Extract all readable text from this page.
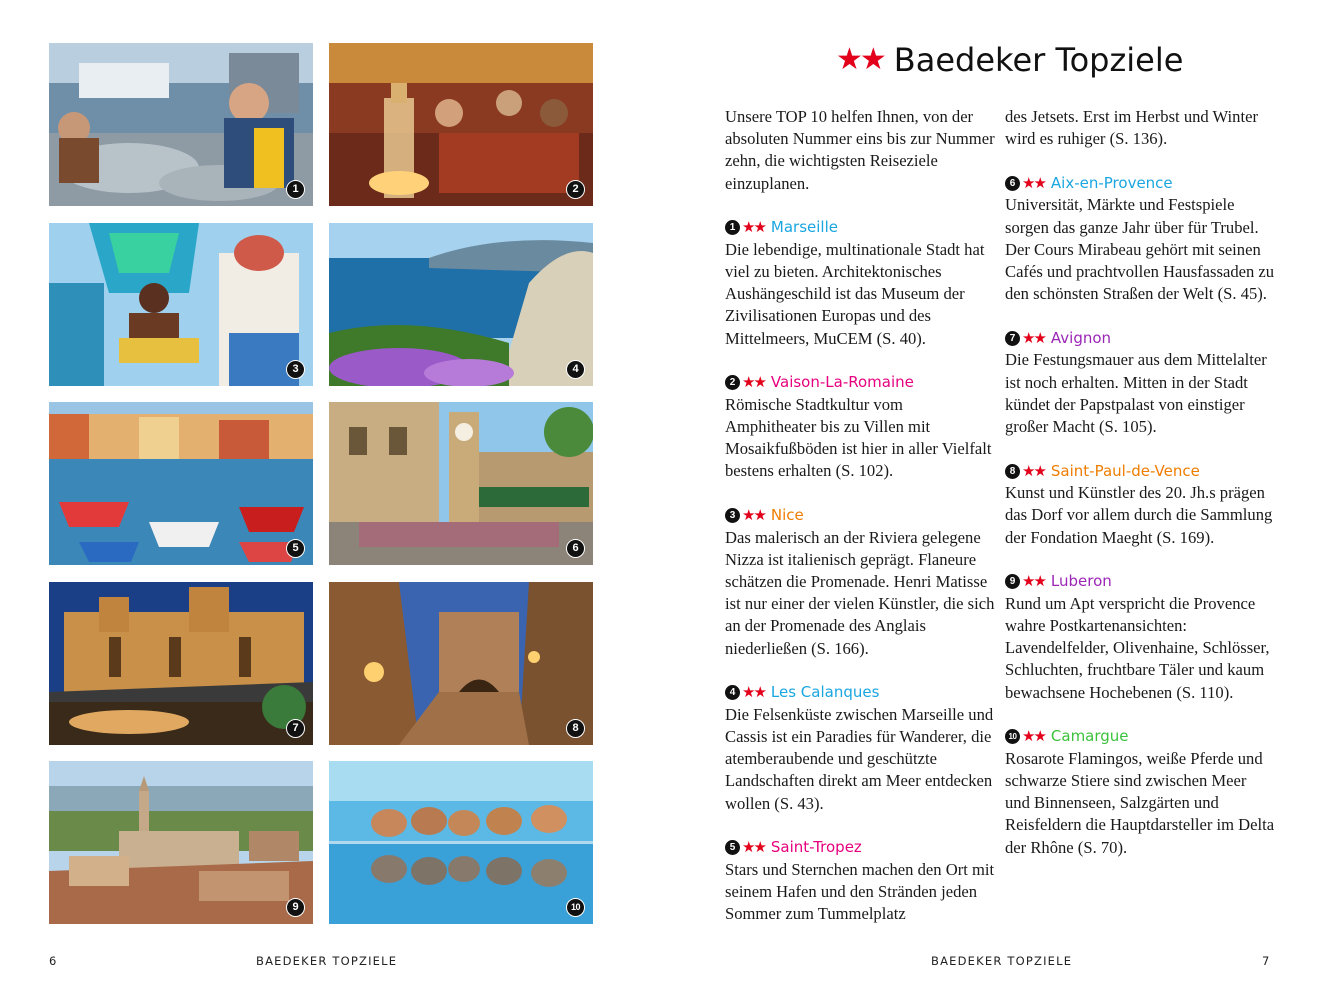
1	2
3	4
5	6
7	8
9	10
★★ Baedeker Topziele

Unsere TOP 10 helfen Ihnen, von der absoluten Nummer eins bis zur Nummer zehn, die wichtigsten Reiseziele einzuplanen.

1 ★★ Marseille

Die lebendige, multinationale Stadt hat viel zu bieten. Architektonisches Aushängeschild ist das Museum der Zivilisationen Europas und des Mittelmeers, MuCEM (S. 40).

2 ★★ Vaison-La-Romaine

Römische Stadtkultur vom Amphitheater bis zu Villen mit Mosaikfußböden ist hier in aller Vielfalt bestens erhalten (S. 102).

3 ★★ Nice

Das malerisch an der Riviera gelegene Nizza ist italienisch geprägt. Flaneure schätzen die Promenade. Henri Matisse ist nur einer der vielen Künstler, die sich an der Promenade des Anglais niederließen (S. 166).

4 ★★ Les Calanques

Die Felsenküste zwischen Marseille und Cassis ist ein Paradies für Wanderer, die atemberaubende und geschützte Landschaften direkt am Meer entdecken wollen (S. 43).

5 ★★ Saint-Tropez

Stars und Sternchen machen den Ort mit seinem Hafen und den Stränden jeden Sommer zum Tummelplatz

des Jetsets. Erst im Herbst und Winter wird es ruhiger (S. 136).

6 ★★ Aix-en-Provence

Universität, Märkte und Festspiele sorgen das ganze Jahr über für Trubel. Der Cours Mirabeau gehört mit seinen Cafés und prachtvollen Hausfassaden zu den schönsten Straßen der Welt (S. 45).

7 ★★ Avignon

Die Festungsmauer aus dem Mittelalter ist noch erhalten. Mitten in der Stadt kündet der Papstpalast von einstiger großer Macht (S. 105).

8 ★★ Saint-Paul-de-Vence

Kunst und Künstler des 20. Jh.s prägen das Dorf vor allem durch die Sammlung der Fondation Maeght (S. 169).

9 ★★ Luberon

Rund um Apt verspricht die Provence wahre Postkartenansichten: Lavendelfelder, Olivenhaine, Schlösser, Schluchten, fruchtbare Täler und kaum bewachsene Hochebenen (S. 110).

10 ★★ Camargue

Rosarote Flamingos, weiße Pferde und schwarze Stiere sind zwischen Meer und Binnenseen, Salzgärten und Reisfeldern die Hauptdarsteller im Delta der Rhône (S. 70).

6	BAEDEKER TOPZIELE	BAEDEKER TOPZIELE	7
